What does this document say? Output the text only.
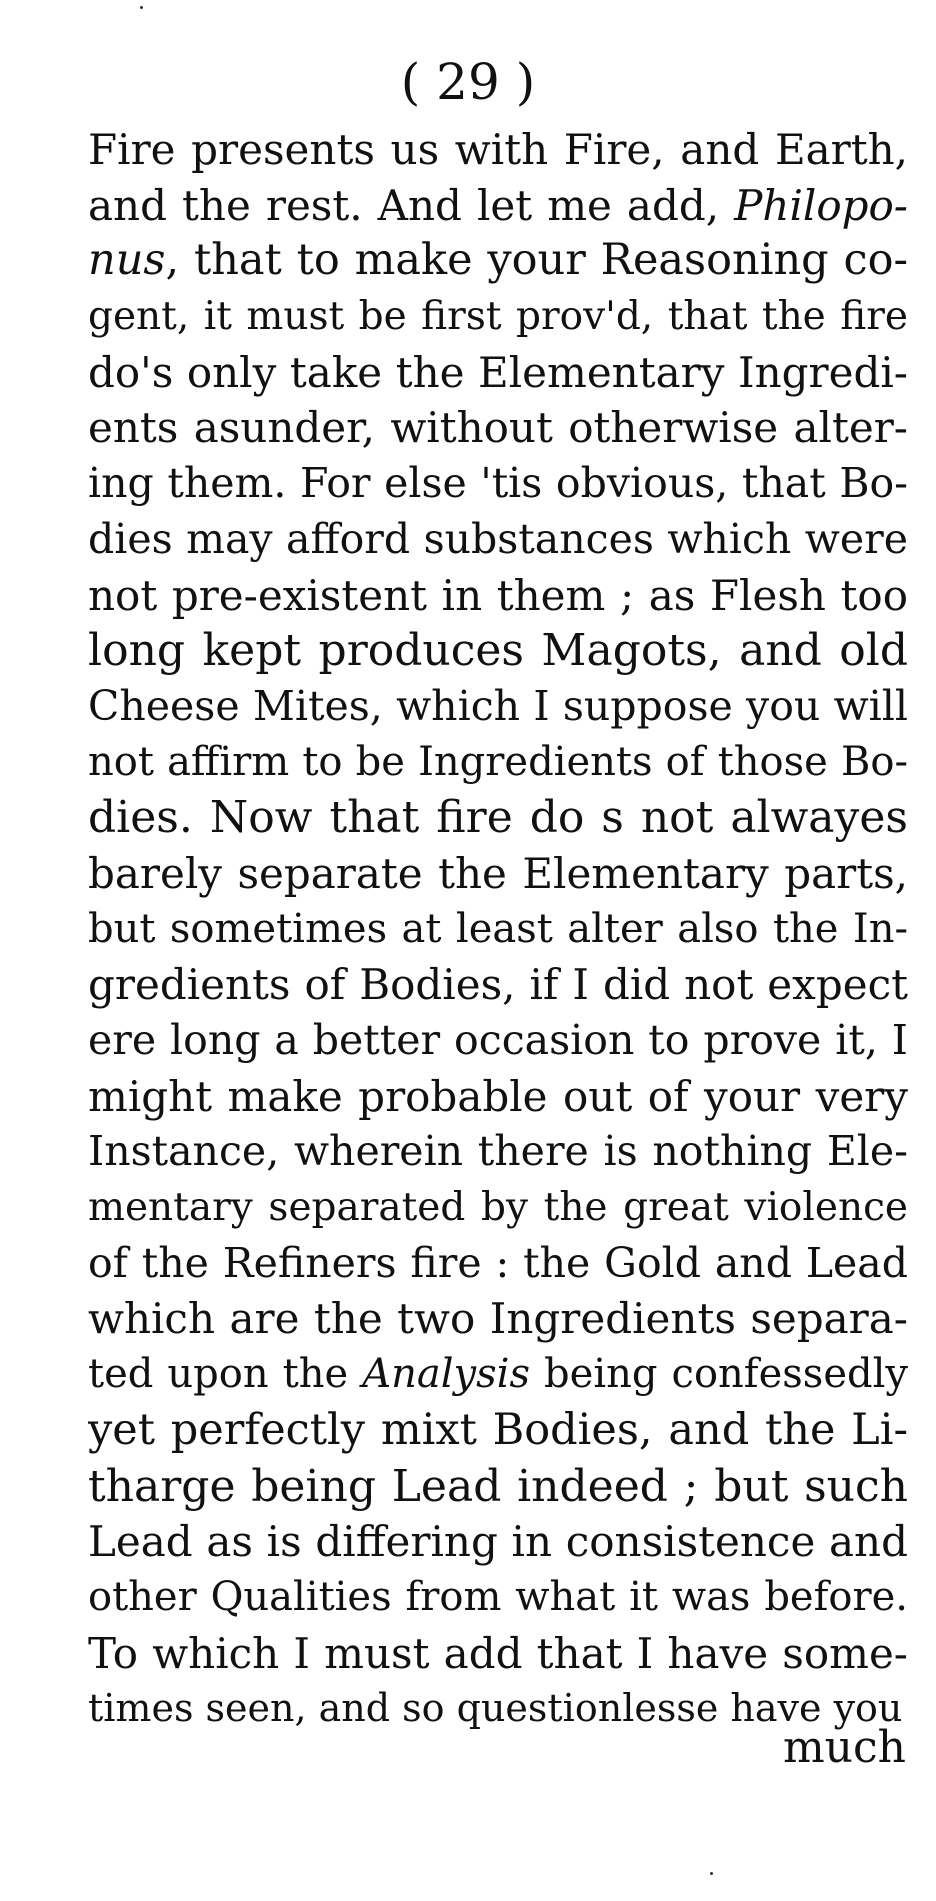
( 29 )
Fire presents us with Fire, and Earth,
and the rest. And let me add, Philopo-
nus, that to make your Reasoning co-
gent, it must be first prov'd, that the fire
do's only take the Elementary Ingredi-
ents asunder, without otherwise alter-
ing them. For else 'tis obvious, that Bo-
dies may afford substances which were
not pre-existent in them ; as Flesh too
long kept produces Magots, and old
Cheese Mites, which I suppose you will
not affirm to be Ingredients of those Bo-
dies. Now that fire do s not alwayes
barely separate the Elementary parts,
but sometimes at least alter also the In-
gredients of Bodies, if I did not expect
ere long a better occasion to prove it, I
might make probable out of your very
Instance, wherein there is nothing Ele-
mentary separated by the great violence
of the Refiners fire : the Gold and Lead
which are the two Ingredients separa-
ted upon the Analysis being confessedly
yet perfectly mixt Bodies, and the Li-
tharge being Lead indeed ; but such
Lead as is differing in consistence and
other Qualities from what it was before.
To which I must add that I have some-
times seen, and so questionlesse have you
much
